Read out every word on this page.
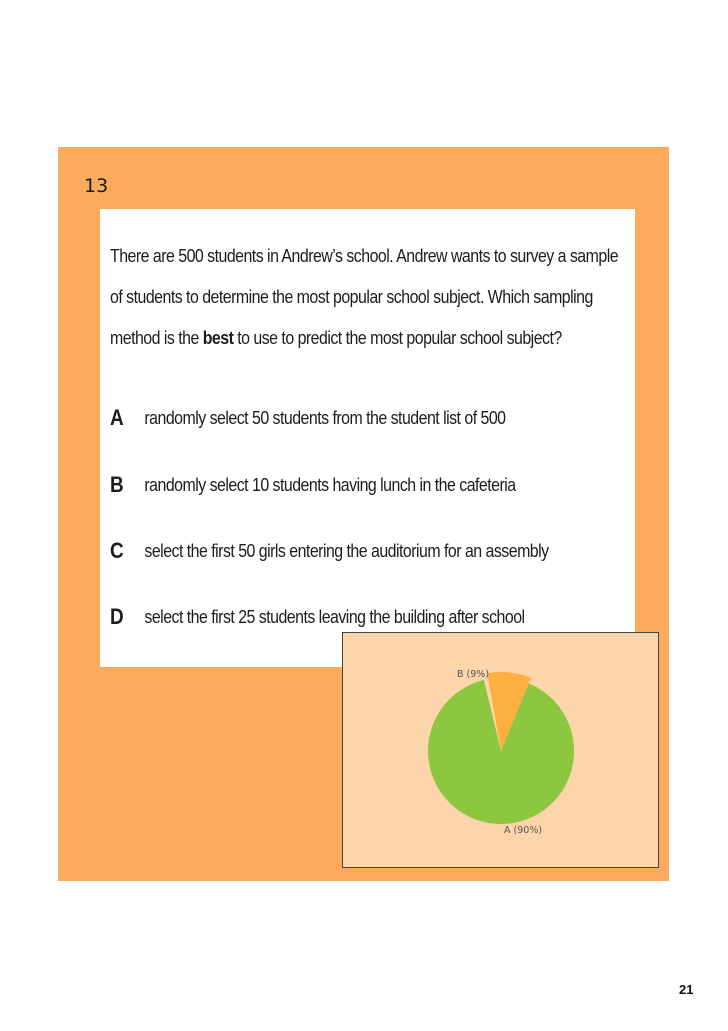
13
There are 500 students in Andrew’s school. Andrew wants to survey a sample of students to determine the most popular school subject. Which sampling method is the best to use to predict the most popular school subject?
A	randomly select 50 students from the student list of 500
B	randomly select 10 students having lunch in the cafeteria
C	select the first 50 girls entering the auditorium for an assembly
D	select the first 25 students leaving the building after school
B (9%)
A (90%)
21
